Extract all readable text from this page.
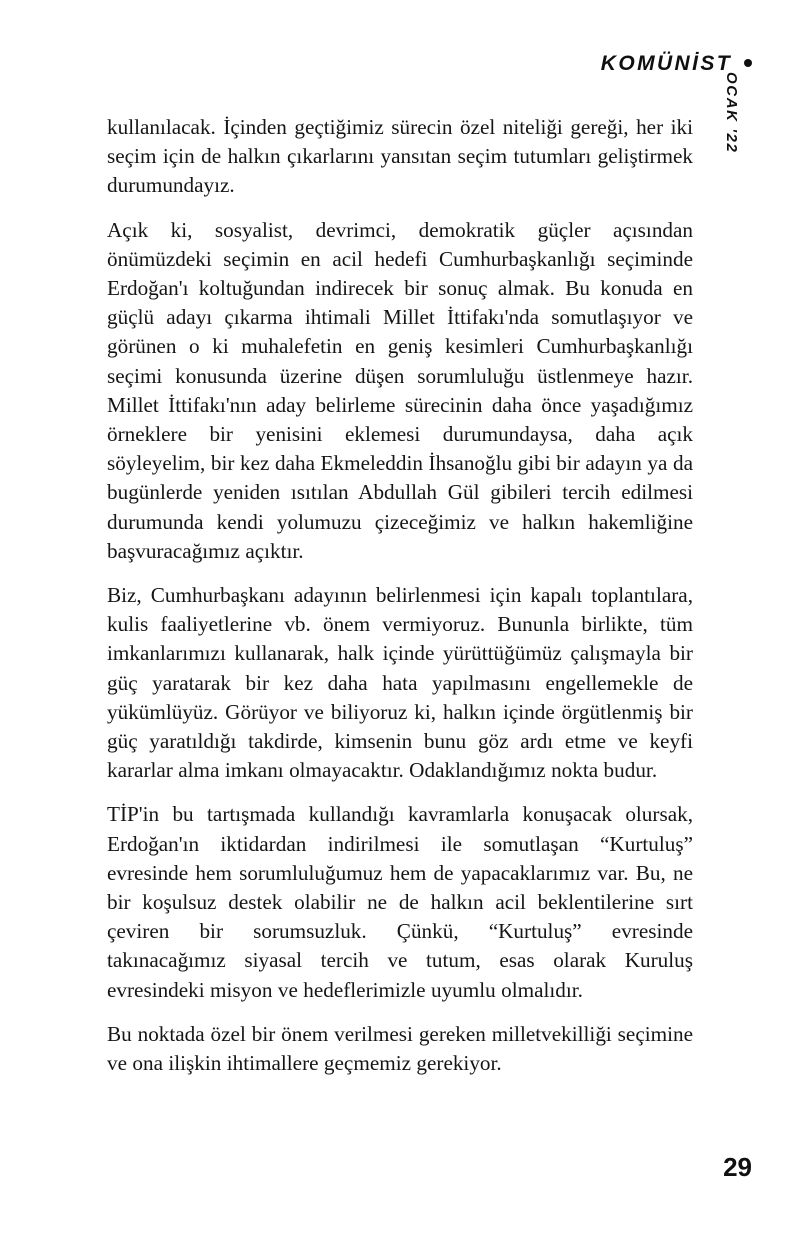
KOMÜNİST
OCAK '22

kullanılacak. İçinden geçtiğimiz sürecin özel niteliği gereği, her iki seçim için de halkın çıkarlarını yansıtan seçim tutumları geliştirmek durumundayız.

Açık ki, sosyalist, devrimci, demokratik güçler açısından önümüzdeki seçimin en acil hedefi Cumhurbaşkanlığı seçiminde Erdoğan'ı koltuğundan indirecek bir sonuç almak. Bu konuda en güçlü adayı çıkarma ihtimali Millet İttifakı'nda somutlaşıyor ve görünen o ki muhalefetin en geniş kesimleri Cumhurbaşkanlığı seçimi konusunda üzerine düşen sorumluluğu üstlenmeye hazır. Millet İttifakı'nın aday belirleme sürecinin daha önce yaşadığımız örneklere bir yenisini eklemesi durumundaysa, daha açık söyleyelim, bir kez daha Ekmeleddin İhsanoğlu gibi bir adayın ya da bugünlerde yeniden ısıtılan Abdullah Gül gibileri tercih edilmesi durumunda kendi yolumuzu çizeceğimiz ve halkın hakemliğine başvuracağımız açıktır.

Biz, Cumhurbaşkanı adayının belirlenmesi için kapalı toplantılara, kulis faaliyetlerine vb. önem vermiyoruz. Bununla birlikte, tüm imkanlarımızı kullanarak, halk içinde yürüttüğümüz çalışmayla bir güç yaratarak bir kez daha hata yapılmasını engellemekle de yükümlüyüz. Görüyor ve biliyoruz ki, halkın içinde örgütlenmiş bir güç yaratıldığı takdirde, kimsenin bunu göz ardı etme ve keyfi kararlar alma imkanı olmayacaktır. Odaklandığımız nokta budur.

TİP'in bu tartışmada kullandığı kavramlarla konuşacak olursak, Erdoğan'ın iktidardan indirilmesi ile somutlaşan “Kurtuluş” evresinde hem sorumluluğumuz hem de yapacaklarımız var. Bu, ne bir koşulsuz destek olabilir ne de halkın acil beklentilerine sırt çeviren bir sorumsuzluk. Çünkü, “Kurtuluş” evresinde takınacağımız siyasal tercih ve tutum, esas olarak Kuruluş evresindeki misyon ve hedeflerimizle uyumlu olmalıdır.

Bu noktada özel bir önem verilmesi gereken milletvekilliği seçimine ve ona ilişkin ihtimallere geçmemiz gerekiyor.

29
